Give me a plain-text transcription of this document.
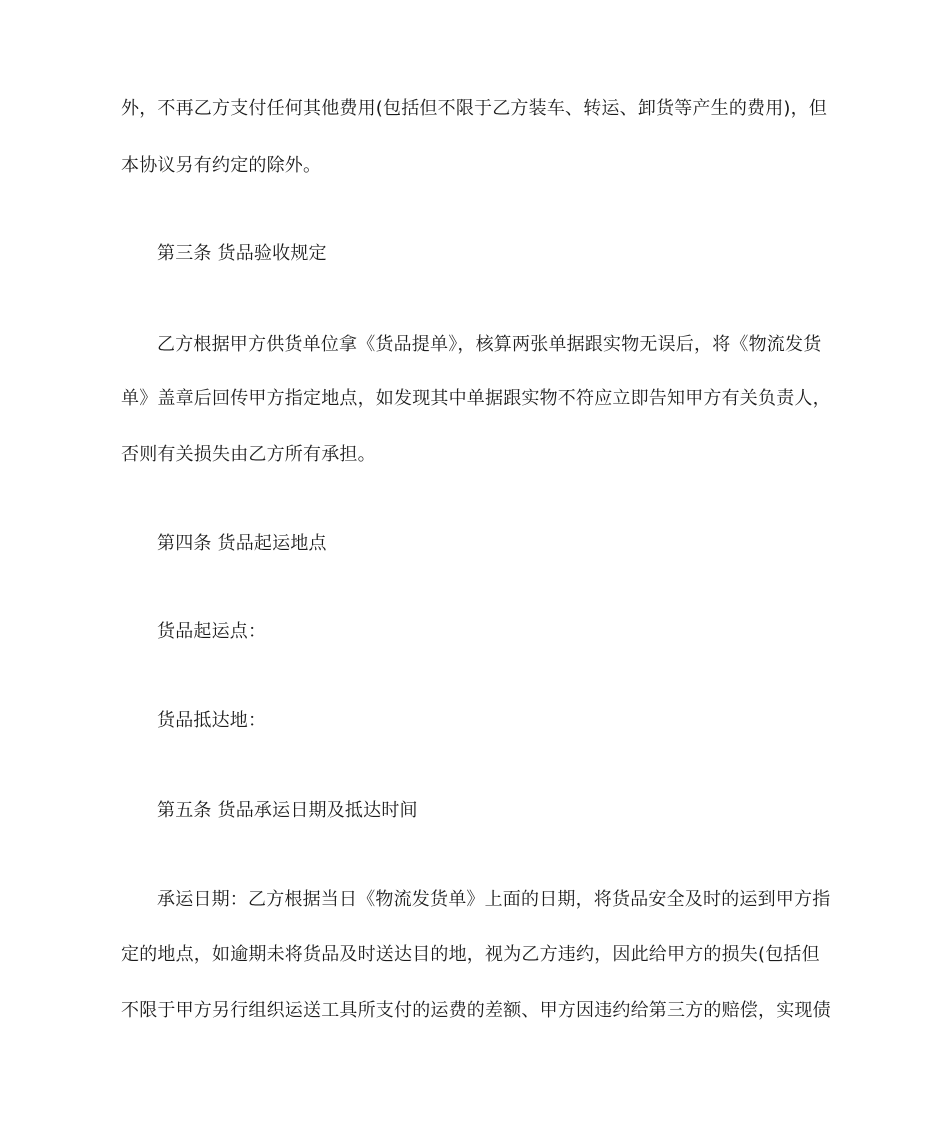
外，不再乙方支付任何其他费用(包括但不限于乙方装车、转运、卸货等产生的费用)，但
本协议另有约定的除外。
第三条 货品验收规定
乙方根据甲方供货单位拿《货品提单》，核算两张单据跟实物无误后，将《物流发货
单》盖章后回传甲方指定地点，如发现其中单据跟实物不符应立即告知甲方有关负责人，
否则有关损失由乙方所有承担。
第四条 货品起运地点
货品起运点：
货品抵达地：
第五条 货品承运日期及抵达时间
承运日期：乙方根据当日《物流发货单》上面的日期，将货品安全及时的运到甲方指
定的地点，如逾期未将货品及时送达目的地，视为乙方违约，因此给甲方的损失(包括但
不限于甲方另行组织运送工具所支付的运费的差额、甲方因违约给第三方的赔偿，实现债
